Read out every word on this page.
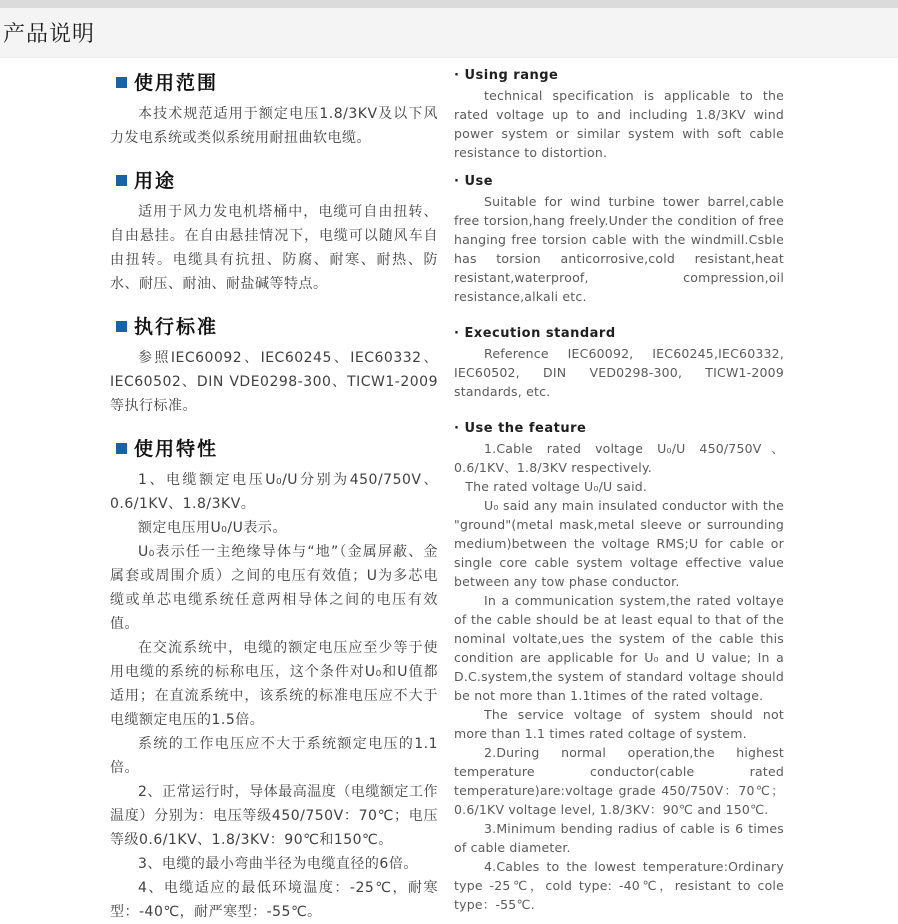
产品说明
使用范围

本技术规范适用于额定电压1.8/3KV及以下风力发电系统或类似系统用耐扭曲软电缆。

用途

适用于风力发电机塔桶中，电缆可自由扭转、自由悬挂。在自由悬挂情况下，电缆可以随风车自由扭转。电缆具有抗扭、防腐、耐寒、耐热、防水、耐压、耐油、耐盐碱等特点。

执行标准

参照IEC60092、IEC60245、IEC60332、IEC60502、DIN VDE0298-300、TICW1-2009等执行标准。

使用特性

1、电缆额定电压U₀/U分别为450/750V、0.6/1KV、1.8/3KV。

额定电压用U₀/U表示。

U₀表示任一主绝缘导体与“地”（金属屏蔽、金属套或周围介质）之间的电压有效值；U为多芯电缆或单芯电缆系统任意两相导体之间的电压有效值。

在交流系统中，电缆的额定电压应至少等于使用电缆的系统的标称电压，这个条件对U₀和U值都适用；在直流系统中，该系统的标准电压应不大于电缆额定电压的1.5倍。

系统的工作电压应不大于系统额定电压的1.1倍。

2、正常运行时，导体最高温度（电缆额定工作温度）分别为：电压等级450/750V：70℃；电压等级0.6/1KV、1.8/3KV：90℃和150℃。

3、电缆的最小弯曲半径为电缆直径的6倍。

4、电缆适应的最低环境温度：-25℃，耐寒型：-40℃，耐严寒型：-55℃。

· Using range

technical specification is applicable to the rated voltage up to and including 1.8/3KV wind power system or similar system with soft cable resistance to distortion.

· Use

Suitable for wind turbine tower barrel,cable free torsion,hang freely.Under the condition of free hanging free torsion cable with the windmill.Csble has torsion anticorrosive,cold resistant,heat resistant,waterproof, compression,oil resistance,alkali etc.

· Execution standard

Reference IEC60092, IEC60245,IEC60332, IEC60502, DIN VED0298-300, TICW1-2009 standards, etc.

· Use the feature

1.Cable rated voltage U₀/U 450/750V、0.6/1KV、1.8/3KV respectively.

The rated voltage U₀/U said.

U₀ said any main insulated conductor with the "ground"(metal mask,metal sleeve or surrounding medium)between the voltage RMS;U for cable or single core cable system voltage effective value between any tow phase conductor.

In a communication system,the rated voltaye of the cable should be at least equal to that of the nominal voltate,ues the system of the cable this condition are applicable for U₀ and U value; In a D.C.system,the system of standard voltage should be not more than 1.1times of the rated voltage.

The service voltage of system should not more than 1.1 times rated coltage of system.

2.During normal operation,the highest temperature conductor(cable rated temperature)are:voltage grade 450/750V：70℃；0.6/1KV voltage level, 1.8/3KV：90℃ and 150℃.

3.Minimum bending radius of cable is 6 times of cable diameter.

4.Cables to the lowest temperature:Ordinary type -25℃，cold type: -40℃，resistant to cole type：-55℃.
